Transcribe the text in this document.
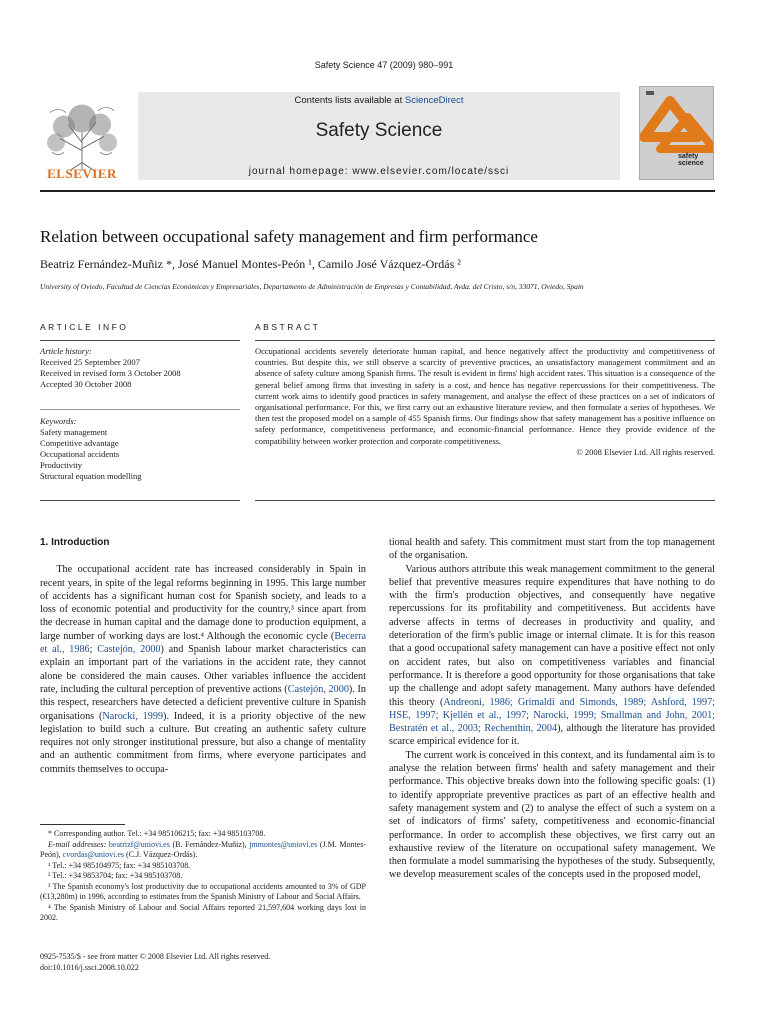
Safety Science 47 (2009) 980–991
Contents lists available at ScienceDirect
Safety Science
journal homepage: www.elsevier.com/locate/ssci
ELSEVIER
safety science
Relation between occupational safety management and firm performance
Beatriz Fernández-Muñiz *, José Manuel Montes-Peón ¹, Camilo José Vázquez-Ordás ²
University of Oviedo, Facultad de Ciencias Económicas y Empresariales, Departamento de Administración de Empresas y Contabilidad, Avda. del Cristo, s/n, 33071, Oviedo, Spain
ARTICLE INFO	ABSTRACT
Article history:
Received 25 September 2007
Received in revised form 3 October 2008
Accepted 30 October 2008
Keywords:
Safety management
Competitive advantage
Occupational accidents
Productivity
Structural equation modelling
Occupational accidents severely deteriorate human capital, and hence negatively affect the productivity and competitiveness of countries. But despite this, we still observe a scarcity of preventive practices, an unsatisfactory management commitment and an absence of safety culture among Spanish firms. The result is evident in firms' high accident rates. This situation is a consequence of the general belief among firms that investing in safety is a cost, and hence has negative repercussions for their competitiveness. The current work aims to identify good practices in safety management, and analyse the effect of these practices on a set of indicators of organisational performance. For this, we first carry out an exhaustive literature review, and then formulate a series of hypotheses. We then test the proposed model on a sample of 455 Spanish firms. Our findings show that safety management has a positive influence on safety performance, competitiveness performance, and economic-financial performance. Hence they provide evidence of the compatibility between worker protection and corporate competitiveness.
© 2008 Elsevier Ltd. All rights reserved.
1. Introduction

The occupational accident rate has increased considerably in Spain in recent years, in spite of the legal reforms beginning in 1995. This large number of accidents has a significant human cost for Spanish society, and leads to a loss of economic potential and productivity for the country,³ since apart from the decrease in human capital and the damage done to production equipment, a large number of working days are lost.⁴ Although the economic cycle (Becerra et al., 1986; Castejón, 2000) and Spanish labour market characteristics can explain an important part of the variations in the accident rate, they cannot alone be considered the main causes. Other variables influence the accident rate, including the cultural perception of preventive actions (Castejón, 2000). In this respect, researchers have detected a deficient preventive culture in Spanish organisations (Narocki, 1999). Indeed, it is a priority objective of the new legislation to build such a culture. But creating an authentic safety culture requires not only stronger institutional pressure, but also a change of mentality and an authentic commitment from firms, where everyone participates and commits themselves to occupa-

tional health and safety. This commitment must start from the top management of the organisation.

Various authors attribute this weak management commitment to the general belief that preventive measures require expenditures that have nothing to do with the firm's production objectives, and consequently have negative repercussions for its profitability and competitiveness. But accidents have adverse affects in terms of decreases in productivity and quality, and deterioration of the firm's public image or internal climate. It is for this reason that a good occupational safety management can have a positive effect not only on accident rates, but also on competitiveness variables and financial performance. It is therefore a good opportunity for those organisations that take up the challenge and adopt safety management. Many authors have defended this theory (Andreoni, 1986; Grimaldi and Simonds, 1989; Ashford, 1997; HSE, 1997; Kjellén et al., 1997; Narocki, 1999; Smallman and John, 2001; Bestratén et al., 2003; Rechenthin, 2004), although the literature has provided scarce empirical evidence for it.

The current work is conceived in this context, and its fundamental aim is to analyse the relation between firms' health and safety management and their performance. This objective breaks down into the following specific goals: (1) to identify appropriate preventive practices as part of an effective health and safety management system and (2) to analyse the effect of such a system on a set of indicators of firms' safety, competitiveness and economic-financial performance. In order to accomplish these objectives, we first carry out an exhaustive review of the literature on occupational safety management. We then formulate a model summarising the hypotheses of the study. Subsequently, we develop measurement scales of the concepts used in the proposed model,

* Corresponding author. Tel.: +34 985106215; fax: +34 985103708.

E-mail addresses: beatrizf@uniovi.es (B. Fernández-Muñiz), jmmontes@uniovi.es (J.M. Montes-Peón), cvordas@uniovi.es (C.J. Vázquez-Ordás).

¹ Tel.: +34 985104975; fax: +34 985103708.

² Tel.: +34 9853704; fax: +34 985103708.

³ The Spanish economy's lost productivity due to occupational accidents amounted to 3% of GDP (€13,280m) in 1996, according to estimates from the Spanish Ministry of Labour and Social Affairs.

⁴ The Spanish Ministry of Labour and Social Affairs reported 21,597,604 working days lost in 2002.

0925-7535/$ - see front matter © 2008 Elsevier Ltd. All rights reserved.
doi:10.1016/j.ssci.2008.10.022
